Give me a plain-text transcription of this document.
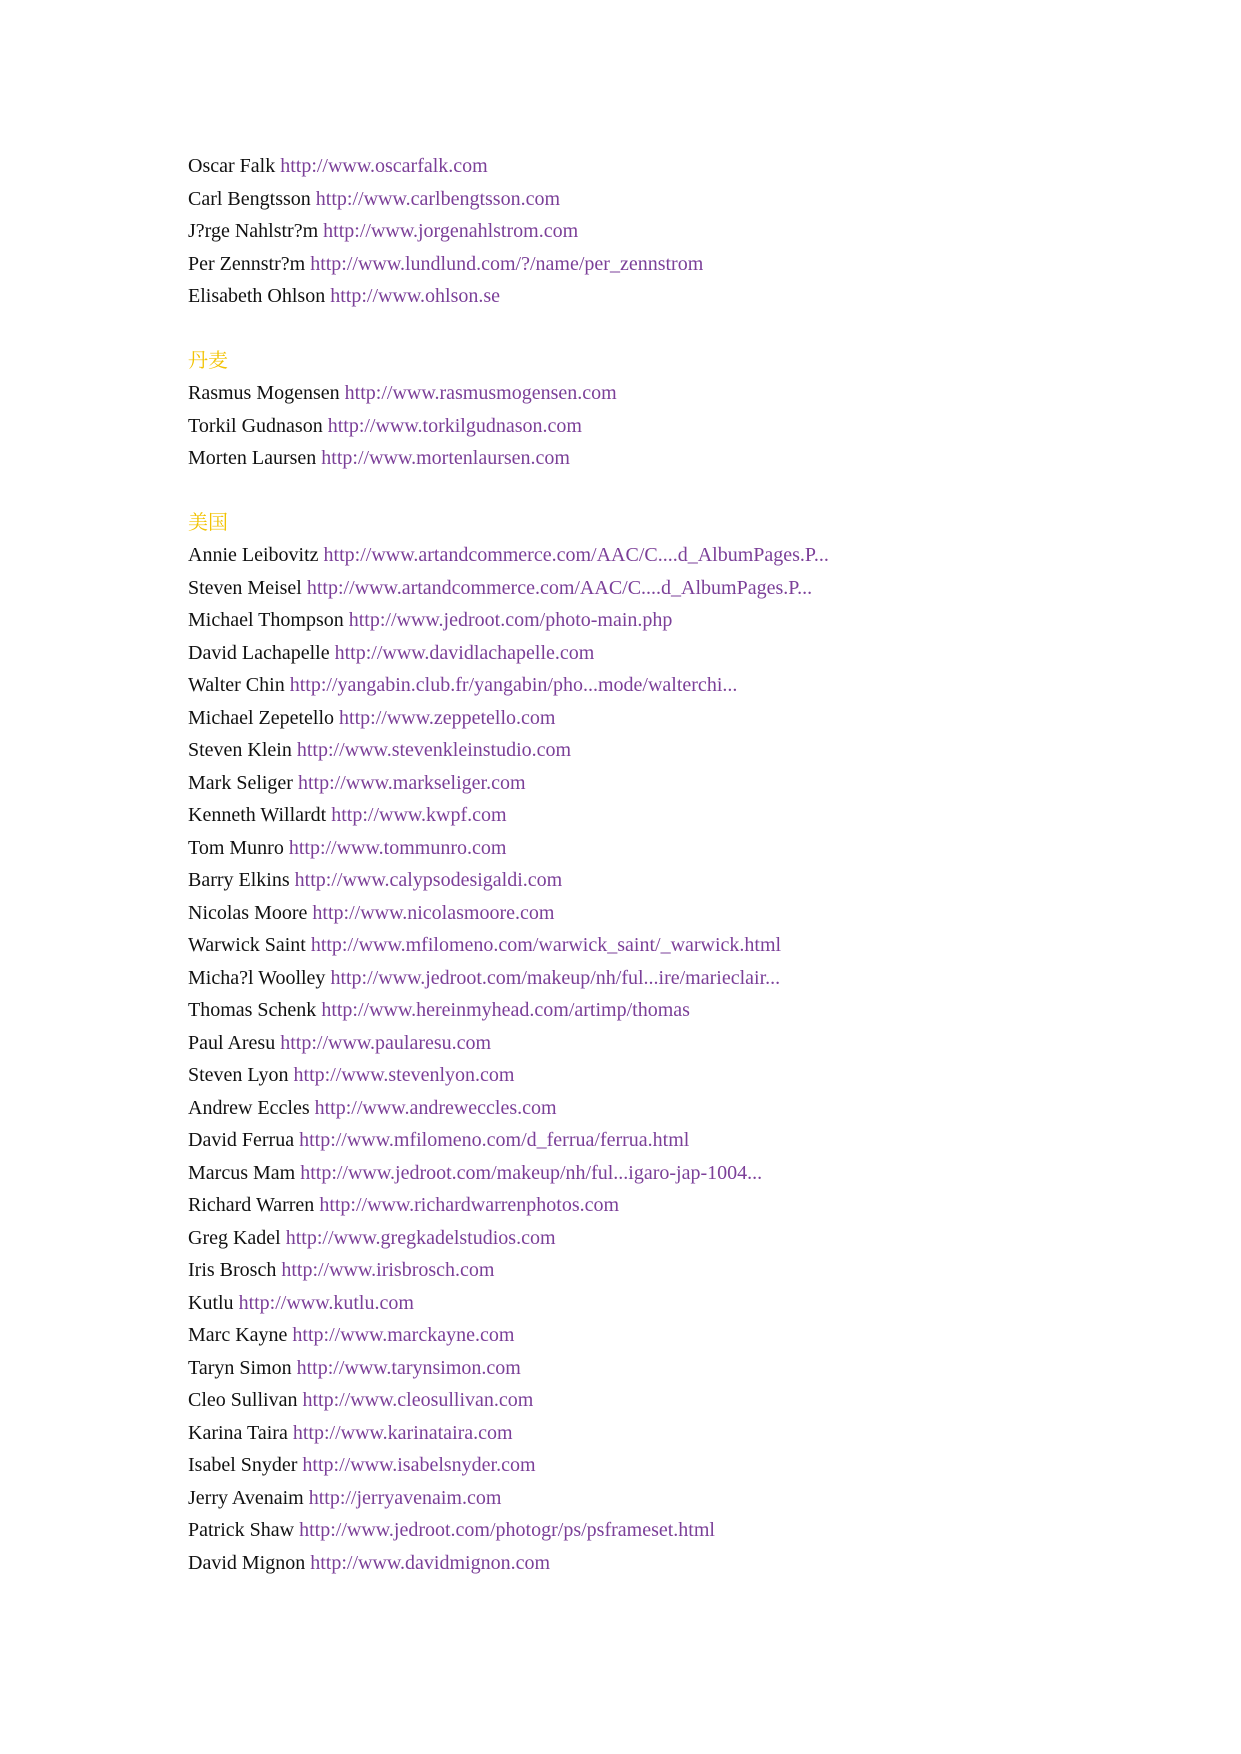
Oscar Falk http://www.oscarfalk.com
Carl Bengtsson http://www.carlbengtsson.com
J?rge Nahlstr?m http://www.jorgenahlstrom.com
Per Zennstr?m http://www.lundlund.com/?/name/per_zennstrom
Elisabeth Ohlson http://www.ohlson.se
丹麦
Rasmus Mogensen http://www.rasmusmogensen.com
Torkil Gudnason http://www.torkilgudnason.com
Morten Laursen http://www.mortenlaursen.com
美国
Annie Leibovitz http://www.artandcommerce.com/AAC/C....d_AlbumPages.P...
Steven Meisel http://www.artandcommerce.com/AAC/C....d_AlbumPages.P...
Michael Thompson http://www.jedroot.com/photo-main.php
David Lachapelle http://www.davidlachapelle.com
Walter Chin http://yangabin.club.fr/yangabin/pho...mode/walterchi...
Michael Zepetello http://www.zeppetello.com
Steven Klein http://www.stevenkleinstudio.com
Mark Seliger http://www.markseliger.com
Kenneth Willardt http://www.kwpf.com
Tom Munro http://www.tommunro.com
Barry Elkins http://www.calypsodesigaldi.com
Nicolas Moore http://www.nicolasmoore.com
Warwick Saint http://www.mfilomeno.com/warwick_saint/_warwick.html
Micha?l Woolley http://www.jedroot.com/makeup/nh/ful...ire/marieclair...
Thomas Schenk http://www.hereinmyhead.com/artimp/thomas
Paul Aresu http://www.paularesu.com
Steven Lyon http://www.stevenlyon.com
Andrew Eccles http://www.andreweccles.com
David Ferrua http://www.mfilomeno.com/d_ferrua/ferrua.html
Marcus Mam http://www.jedroot.com/makeup/nh/ful...igaro-jap-1004...
Richard Warren http://www.richardwarrenphotos.com
Greg Kadel http://www.gregkadelstudios.com
Iris Brosch http://www.irisbrosch.com
Kutlu http://www.kutlu.com
Marc Kayne http://www.marckayne.com
Taryn Simon http://www.tarynsimon.com
Cleo Sullivan http://www.cleosullivan.com
Karina Taira http://www.karinataira.com
Isabel Snyder http://www.isabelsnyder.com
Jerry Avenaim http://jerryavenaim.com
Patrick Shaw http://www.jedroot.com/photogr/ps/psframeset.html
David Mignon http://www.davidmignon.com
